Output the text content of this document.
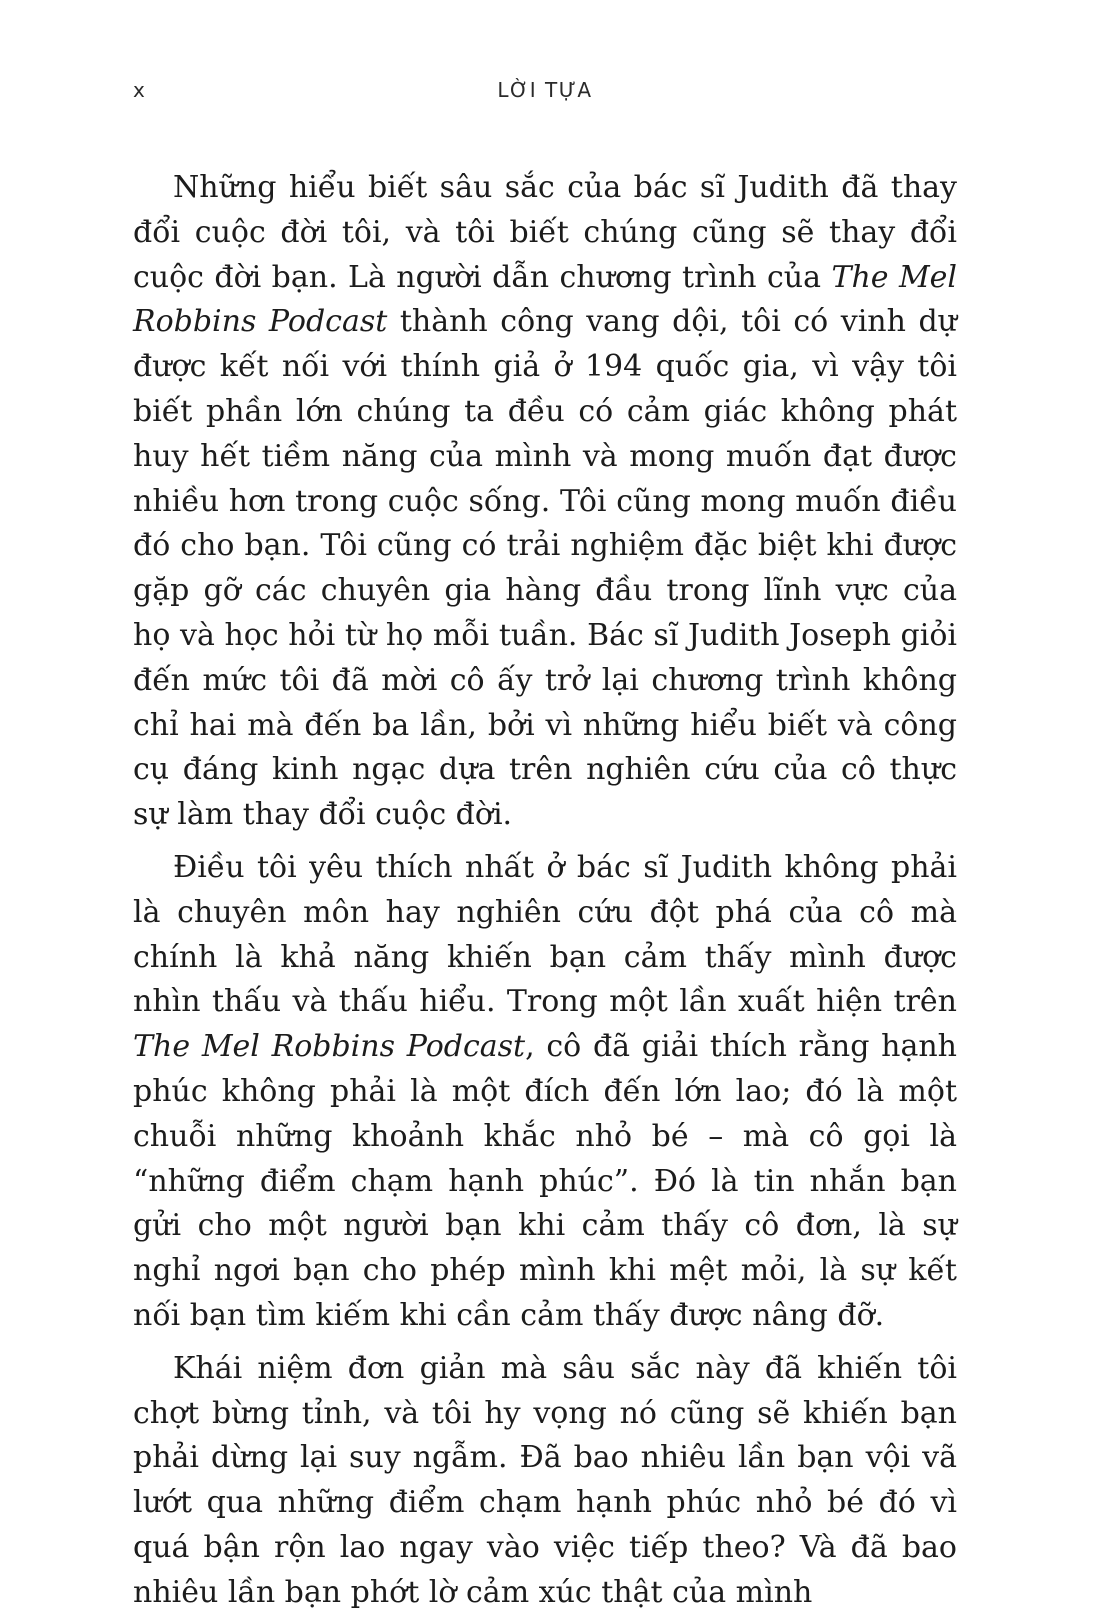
x	LỜI TỰA

Những hiểu biết sâu sắc của bác sĩ Judith đã thay đổi cuộc đời tôi, và tôi biết chúng cũng sẽ thay đổi cuộc đời bạn. Là người dẫn chương trình của The Mel Robbins Podcast thành công vang dội, tôi có vinh dự được kết nối với thính giả ở 194 quốc gia, vì vậy tôi biết phần lớn chúng ta đều có cảm giác không phát huy hết tiềm năng của mình và mong muốn đạt được nhiều hơn trong cuộc sống. Tôi cũng mong muốn điều đó cho bạn. Tôi cũng có trải nghiệm đặc biệt khi được gặp gỡ các chuyên gia hàng đầu trong lĩnh vực của họ và học hỏi từ họ mỗi tuần. Bác sĩ Judith Joseph giỏi đến mức tôi đã mời cô ấy trở lại chương trình không chỉ hai mà đến ba lần, bởi vì những hiểu biết và công cụ đáng kinh ngạc dựa trên nghiên cứu của cô thực sự làm thay đổi cuộc đời.

Điều tôi yêu thích nhất ở bác sĩ Judith không phải là chuyên môn hay nghiên cứu đột phá của cô mà chính là khả năng khiến bạn cảm thấy mình được nhìn thấu và thấu hiểu. Trong một lần xuất hiện trên The Mel Robbins Podcast, cô đã giải thích rằng hạnh phúc không phải là một đích đến lớn lao; đó là một chuỗi những khoảnh khắc nhỏ bé – mà cô gọi là “những điểm chạm hạnh phúc”. Đó là tin nhắn bạn gửi cho một người bạn khi cảm thấy cô đơn, là sự nghỉ ngơi bạn cho phép mình khi mệt mỏi, là sự kết nối bạn tìm kiếm khi cần cảm thấy được nâng đỡ.

Khái niệm đơn giản mà sâu sắc này đã khiến tôi chợt bừng tỉnh, và tôi hy vọng nó cũng sẽ khiến bạn phải dừng lại suy ngẫm. Đã bao nhiêu lần bạn vội vã lướt qua những điểm chạm hạnh phúc nhỏ bé đó vì quá bận rộn lao ngay vào việc tiếp theo? Và đã bao nhiêu lần bạn phớt lờ cảm xúc thật của mình
